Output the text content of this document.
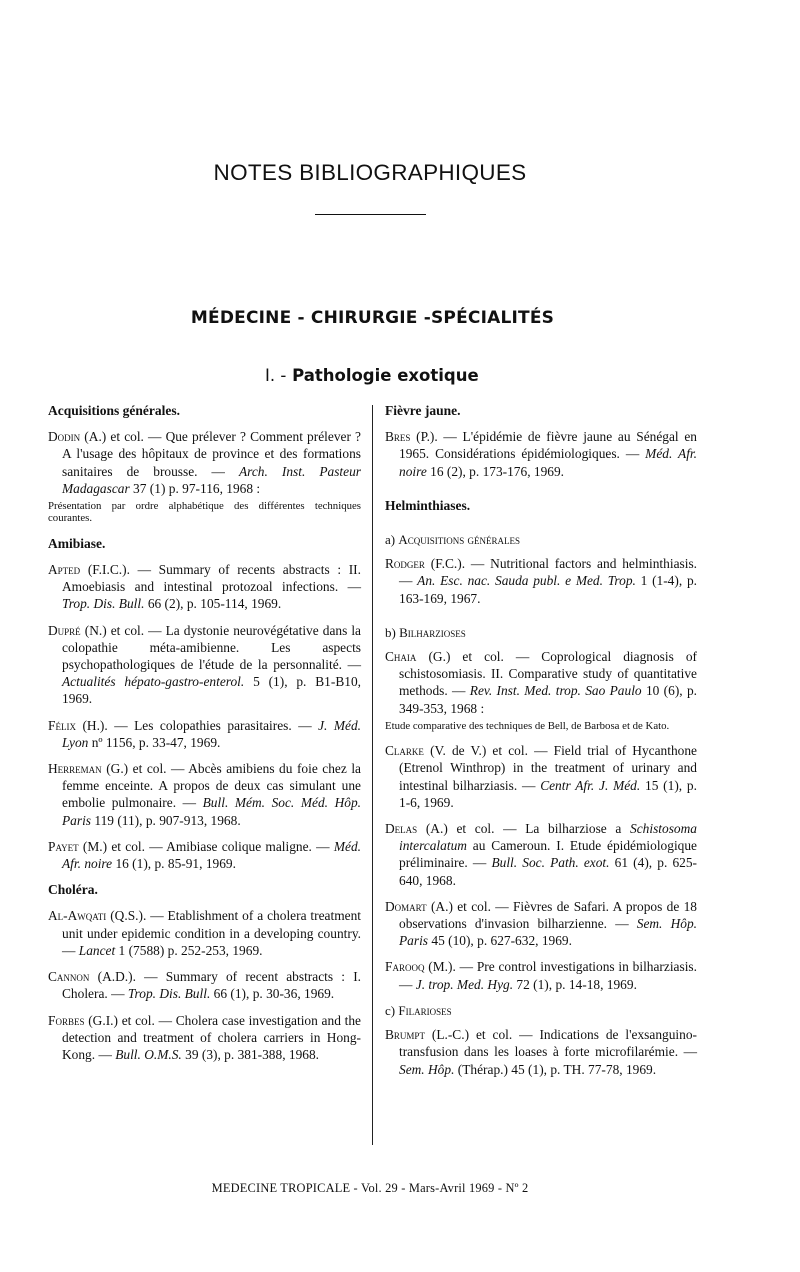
NOTES BIBLIOGRAPHIQUES
MÉDECINE - CHIRURGIE -SPÉCIALITÉS
I. - Pathologie exotique
Acquisitions générales.
Dodin (A.) et col. — Que prélever ? Comment prélever ? A l'usage des hôpitaux de province et des formations sanitaires de brousse. — Arch. Inst. Pasteur Madagascar 37 (1) p. 97-116, 1968 :
Présentation par ordre alphabétique des différentes techniques courantes.
Amibiase.
Apted (F.I.C.). — Summary of recents abstracts : II. Amoebiasis and intestinal protozoal infections. — Trop. Dis. Bull. 66 (2), p. 105-114, 1969.
Dupré (N.) et col. — La dystonie neurovégétative dans la colopathie méta-amibienne. Les aspects psychopathologiques de l'étude de la personnalité. — Actualités hépato-gastro-enterol. 5 (1), p. B1-B10, 1969.
Félix (H.). — Les colopathies parasitaires. — J. Méd. Lyon nº 1156, p. 33-47, 1969.
Herreman (G.) et col. — Abcès amibiens du foie chez la femme enceinte. A propos de deux cas simulant une embolie pulmonaire. — Bull. Mém. Soc. Méd. Hôp. Paris 119 (11), p. 907-913, 1968.
Payet (M.) et col. — Amibiase colique maligne. — Méd. Afr. noire 16 (1), p. 85-91, 1969.
Choléra.
Al-Awqati (Q.S.). — Etablishment of a cholera treatment unit under epidemic condition in a developing country. — Lancet 1 (7588) p. 252-253, 1969.
Cannon (A.D.). — Summary of recent abstracts : I. Cholera. — Trop. Dis. Bull. 66 (1), p. 30-36, 1969.
Forbes (G.I.) et col. — Cholera case investigation and the detection and treatment of cholera carriers in Hong-Kong. — Bull. O.M.S. 39 (3), p. 381-388, 1968.
Fièvre jaune.
Bres (P.). — L'épidémie de fièvre jaune au Sénégal en 1965. Considérations épidémiologiques. — Méd. Afr. noire 16 (2), p. 173-176, 1969.
Helminthiases.
a) Acquisitions générales
Rodger (F.C.). — Nutritional factors and helminthiasis. — An. Esc. nac. Sauda publ. e Med. Trop. 1 (1-4), p. 163-169, 1967.
b) Bilharzioses
Chaia (G.) et col. — Coprological diagnosis of schistosomiasis. II. Comparative study of quantitative methods. — Rev. Inst. Med. trop. Sao Paulo 10 (6), p. 349-353, 1968 :
Etude comparative des techniques de Bell, de Barbosa et de Kato.
Clarke (V. de V.) et col. — Field trial of Hycanthone (Etrenol Winthrop) in the treatment of urinary and intestinal bilharziasis. — Centr Afr. J. Méd. 15 (1), p. 1-6, 1969.
Delas (A.) et col. — La bilharziose a Schistosoma intercalatum au Cameroun. I. Etude épidémiologique préliminaire. — Bull. Soc. Path. exot. 61 (4), p. 625-640, 1968.
Domart (A.) et col. — Fièvres de Safari. A propos de 18 observations d'invasion bilharzienne. — Sem. Hôp. Paris 45 (10), p. 627-632, 1969.
Farooq (M.). — Pre control investigations in bilharziasis. — J. trop. Med. Hyg. 72 (1), p. 14-18, 1969.
c) Filarioses
Brumpt (L.-C.) et col. — Indications de l'exsanguino-transfusion dans les loases à forte microfilarémie. — Sem. Hôp. (Thérap.) 45 (1), p. TH. 77-78, 1969.
MEDECINE TROPICALE - Vol. 29 - Mars-Avril 1969 - Nº 2
